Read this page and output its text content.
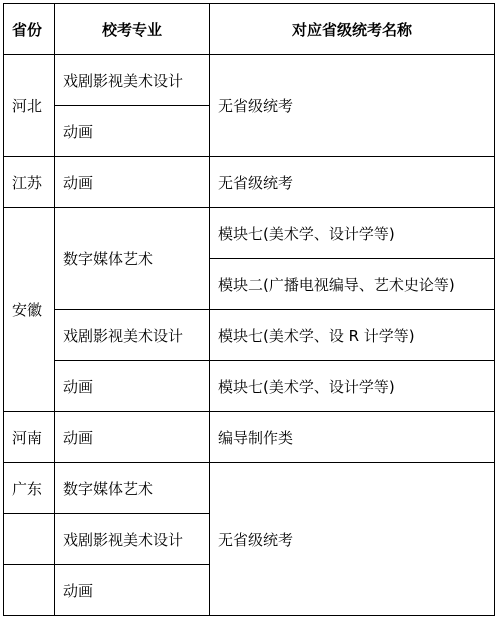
省份	校考专业	对应省级统考名称
河北	戏剧影视美术设计	无省级统考
	动画	
江苏	动画	无省级统考
安徽	数字媒体艺术	模块七(美术学、设计学等)
		模块二(广播电视编导、艺术史论等)
	戏剧影视美术设计	模块七(美术学、设 R 计学等)
	动画	模块七(美术学、设计学等)
河南	动画	编导制作类
广东	数字媒体艺术	无省级统考
	戏剧影视美术设计	
	动画	
